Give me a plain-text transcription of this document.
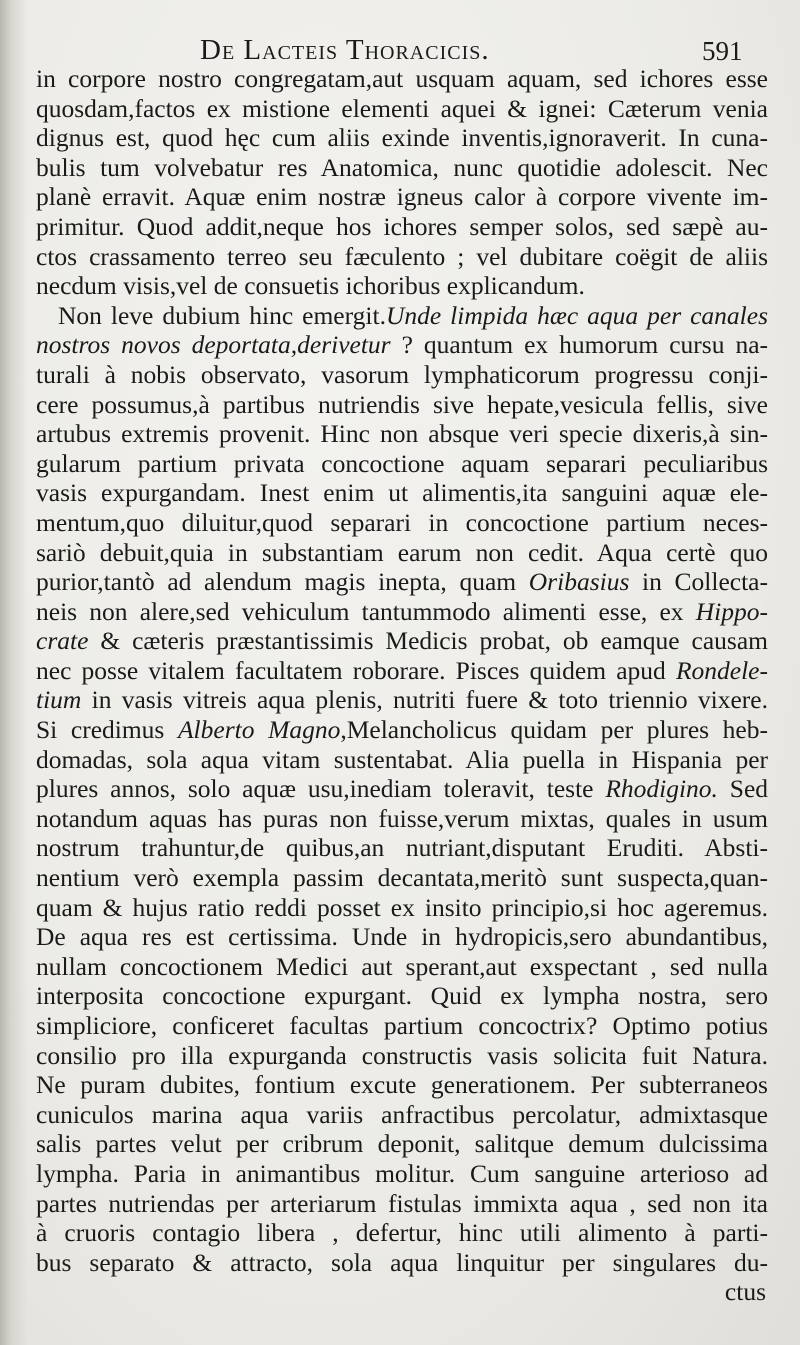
De Lacteis Thoracicis.	591
in corpore nostro congregatam,aut usquam aquam, sed ichores esse
quosdam,factos ex mistione elementi aquei & ignei: Cæterum venia
dignus est, quod hęc cum aliis exinde inventis,ignoraverit. In cuna-
bulis tum volvebatur res Anatomica, nunc quotidie adolescit. Nec
planè erravit. Aquæ enim nostræ igneus calor à corpore vivente im-
primitur. Quod addit,neque hos ichores semper solos, sed sæpè au-
ctos crassamento terreo seu fæculento ; vel dubitare coëgit de aliis
necdum visis,vel de consuetis ichoribus explicandum.
Non leve dubium hinc emergit.Unde limpida hæc aqua per canales
nostros novos deportata,derivetur ? quantum ex humorum cursu na-
turali à nobis observato, vasorum lymphaticorum progressu conji-
cere possumus,à partibus nutriendis sive hepate,vesicula fellis, sive
artubus extremis provenit. Hinc non absque veri specie dixeris,à sin-
gularum partium privata concoctione aquam separari peculiaribus
vasis expurgandam. Inest enim ut alimentis,ita sanguini aquæ ele-
mentum,quo diluitur,quod separari in concoctione partium neces-
sariò debuit,quia in substantiam earum non cedit. Aqua certè quo
purior,tantò ad alendum magis inepta, quam Oribasius in Collecta-
neis non alere,sed vehiculum tantummodo alimenti esse, ex Hippo-
crate & cæteris præstantissimis Medicis probat, ob eamque causam
nec posse vitalem facultatem roborare. Pisces quidem apud Rondele-
tium in vasis vitreis aqua plenis, nutriti fuere & toto triennio vixere.
Si credimus Alberto Magno,Melancholicus quidam per plures heb-
domadas, sola aqua vitam sustentabat. Alia puella in Hispania per
plures annos, solo aquæ usu,inediam toleravit, teste Rhodigino. Sed
notandum aquas has puras non fuisse,verum mixtas, quales in usum
nostrum trahuntur,de quibus,an nutriant,disputant Eruditi. Absti-
nentium verò exempla passim decantata,meritò sunt suspecta,quan-
quam & hujus ratio reddi posset ex insito principio,si hoc ageremus.
De aqua res est certissima. Unde in hydropicis,sero abundantibus,
nullam concoctionem Medici aut sperant,aut exspectant , sed nulla
interposita concoctione expurgant. Quid ex lympha nostra, sero
simpliciore, conficeret facultas partium concoctrix? Optimo potius
consilio pro illa expurganda constructis vasis solicita fuit Natura.
Ne puram dubites, fontium excute generationem. Per subterraneos
cuniculos marina aqua variis anfractibus percolatur, admixtasque
salis partes velut per cribrum deponit, salitque demum dulcissima
lympha. Paria in animantibus molitur. Cum sanguine arterioso ad
partes nutriendas per arteriarum fistulas immixta aqua , sed non ita
à cruoris contagio libera , defertur, hinc utili alimento à parti-
bus separato & attracto, sola aqua linquitur per singulares du-
ctus
